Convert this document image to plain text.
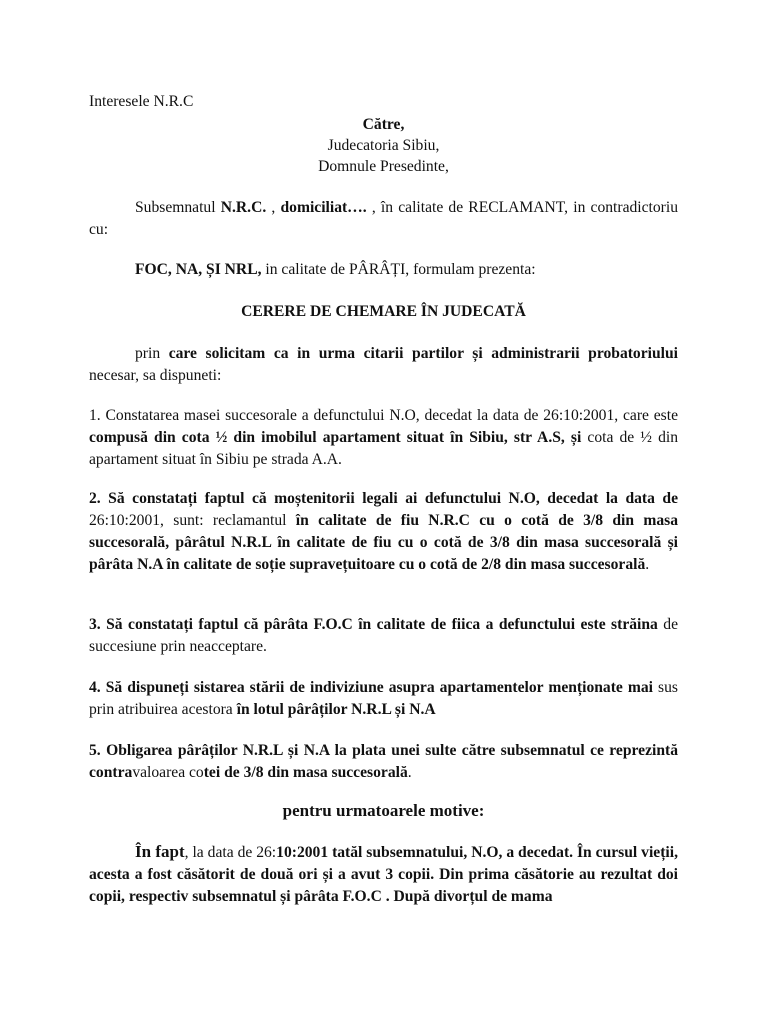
Interesele N.R.C
Către,
Judecatoria Sibiu,
Domnule Presedinte,

Subsemnatul N.R.C. , domiciliat…. , în calitate de RECLAMANT, in contradictoriu cu:

FOC, NA, ȘI NRL, in calitate de PÂRÂȚI, formulam prezenta:

CERERE DE CHEMARE ÎN JUDECATĂ

prin care solicitam ca in urma citarii partilor și administrarii probatoriului necesar, sa dispuneti:

1. Constatarea masei succesorale a defunctului N.O, decedat la data de 26:10:2001, care este compusă din cota ½ din imobilul apartament situat în Sibiu, str A.S, și cota de ½ din apartament situat în Sibiu pe strada A.A.

2. Să constatați faptul că moștenitorii legali ai defunctului N.O, decedat la data de 26:10:2001, sunt: reclamantul în calitate de fiu N.R.C cu o cotă de 3/8 din masa succesorală, pârâtul N.R.L în calitate de fiu cu o cotă de 3/8 din masa succesorală și pârâta N.A în calitate de soție supravețuitoare cu o cotă de 2/8 din masa succesorală.

3. Să constatați faptul că pârâta F.O.C în calitate de fiica a defunctului este străina de succesiune prin neacceptare.

4. Să dispuneți sistarea stării de indiviziune asupra apartamentelor menționate mai sus prin atribuirea acestora în lotul pârâților N.R.L și N.A

5. Obligarea pârâților N.R.L și N.A la plata unei sulte către subsemnatul ce reprezintă contravaloarea cotei de 3/8 din masa succesorală.

pentru urmatoarele motive:

În fapt, la data de 26:10:2001 tatăl subsemnatului, N.O, a decedat. În cursul vieții, acesta a fost căsătorit de două ori și a avut 3 copii. Din prima căsătorie au rezultat doi copii, respectiv subsemnatul și pârâta F.O.C . După divorțul de mama
